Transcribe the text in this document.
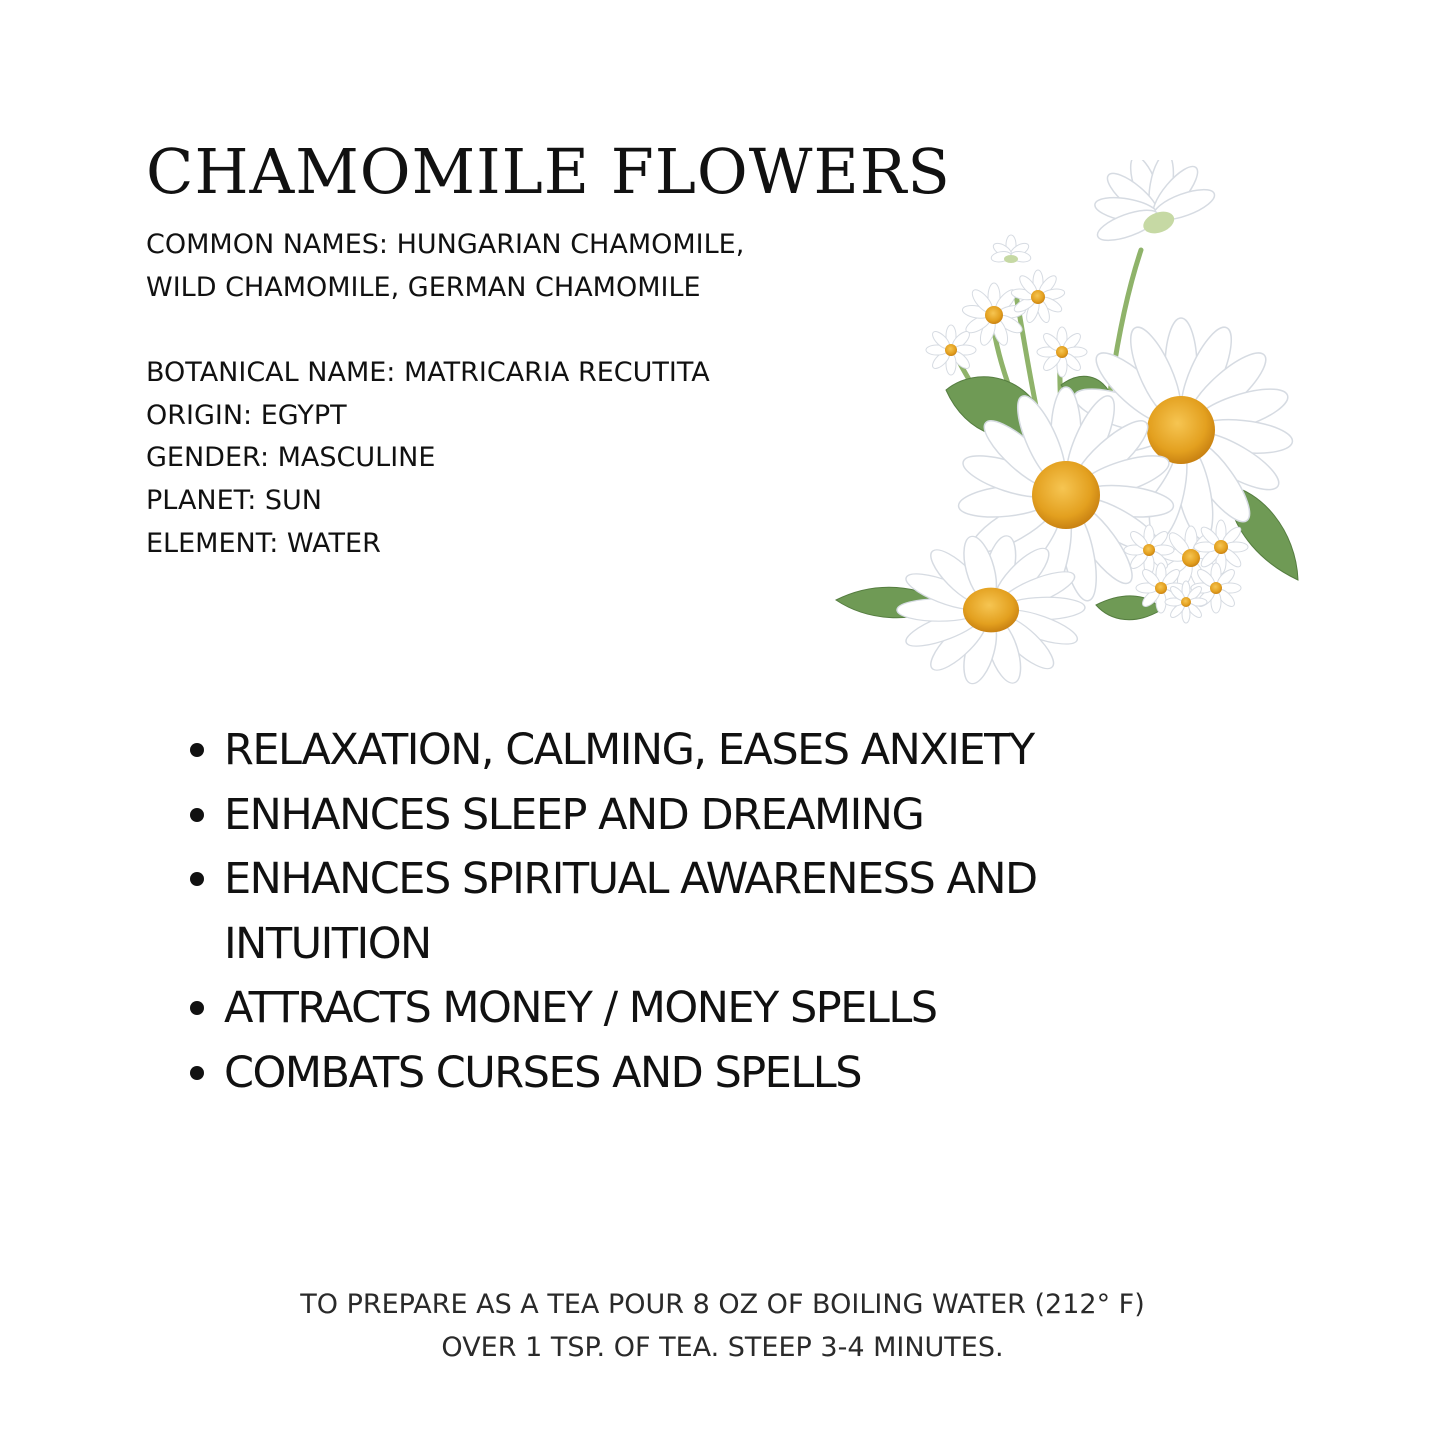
CHAMOMILE FLOWERS
COMMON NAMES: HUNGARIAN CHAMOMILE,
WILD CHAMOMILE, GERMAN CHAMOMILE
BOTANICAL NAME: MATRICARIA RECUTITA
ORIGIN: EGYPT
GENDER: MASCULINE
PLANET: SUN
ELEMENT: WATER
RELAXATION, CALMING, EASES ANXIETY
ENHANCES SLEEP AND DREAMING
ENHANCES SPIRITUAL AWARENESS AND INTUITION
ATTRACTS MONEY / MONEY SPELLS
COMBATS CURSES AND SPELLS
TO PREPARE AS A TEA POUR 8 OZ OF BOILING WATER (212° F)
OVER 1 TSP. OF TEA. STEEP 3-4 MINUTES.
